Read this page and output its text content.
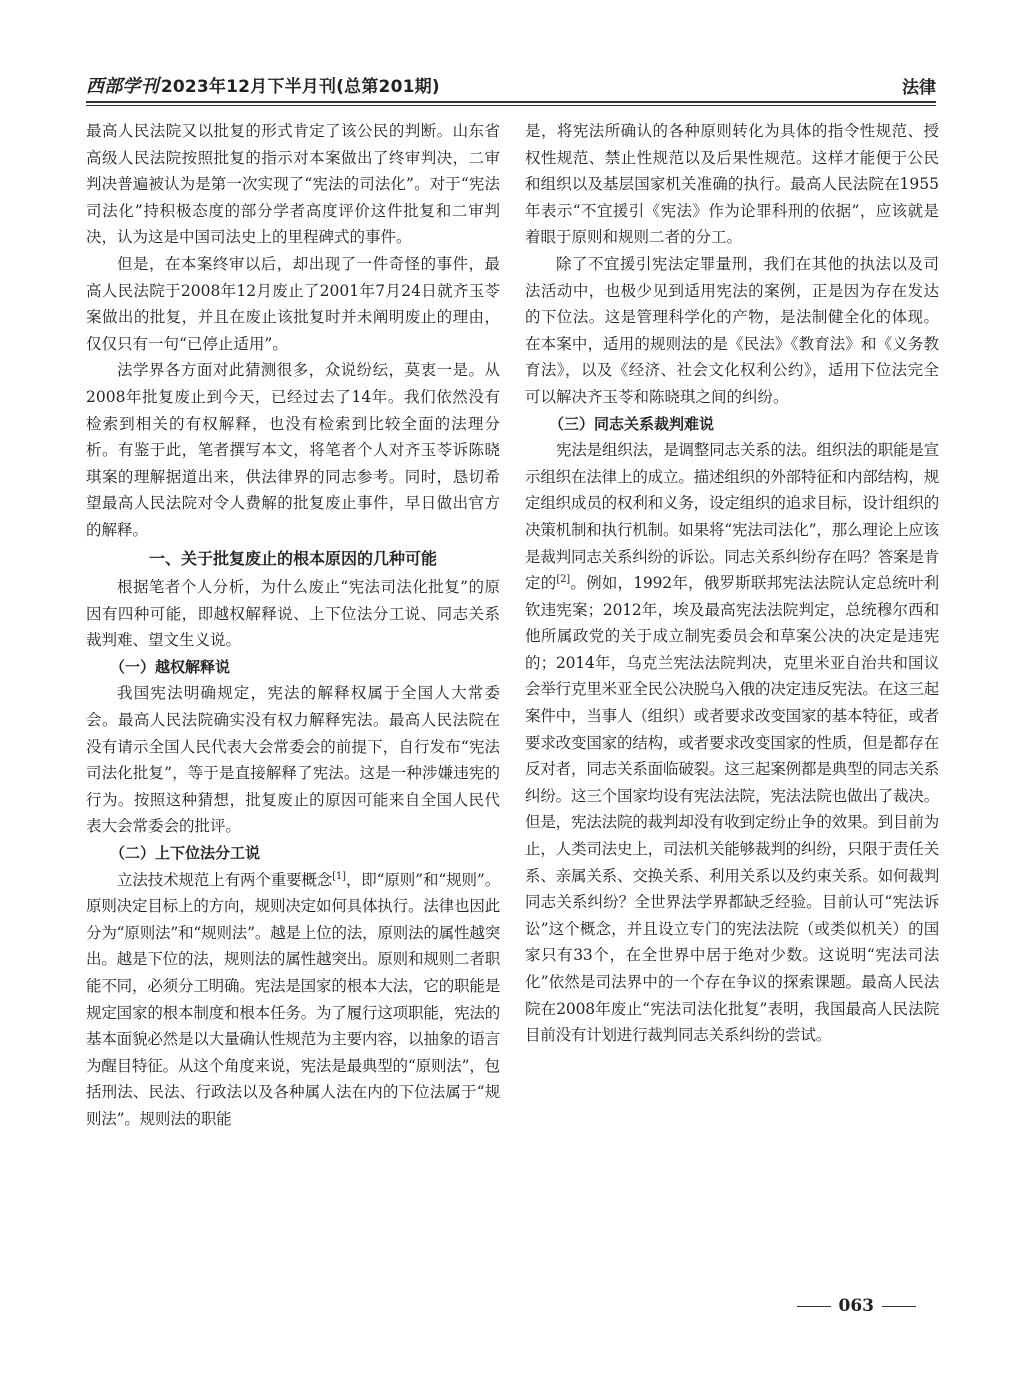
西部学刊 2023年12月下半月刊(总第201期)	法律

最高人民法院又以批复的形式肯定了该公民的判断。山东省高级人民法院按照批复的指示对本案做出了终审判决，二审判决普遍被认为是第一次实现了“宪法的司法化”。对于“宪法司法化”持积极态度的部分学者高度评价这件批复和二审判决，认为这是中国司法史上的里程碑式的事件。

但是，在本案终审以后，却出现了一件奇怪的事件，最高人民法院于2008年12月废止了2001年7月24日就齐玉苓案做出的批复，并且在废止该批复时并未阐明废止的理由，仅仅只有一句“已停止适用”。

法学界各方面对此猜测很多，众说纷纭，莫衷一是。从2008年批复废止到今天，已经过去了14年。我们依然没有检索到相关的有权解释，也没有检索到比较全面的法理分析。有鉴于此，笔者撰写本文，将笔者个人对齐玉苓诉陈晓琪案的理解据道出来，供法律界的同志参考。同时，恳切希望最高人民法院对令人费解的批复废止事件，早日做出官方的解释。

一、关于批复废止的根本原因的几种可能

根据笔者个人分析，为什么废止“宪法司法化批复”的原因有四种可能，即越权解释说、上下位法分工说、同志关系裁判难、望文生义说。

（一）越权解释说

我国宪法明确规定，宪法的解释权属于全国人大常委会。最高人民法院确实没有权力解释宪法。最高人民法院在没有请示全国人民代表大会常委会的前提下，自行发布“宪法司法化批复”，等于是直接解释了宪法。这是一种涉嫌违宪的行为。按照这种猜想，批复废止的原因可能来自全国人民代表大会常委会的批评。

（二）上下位法分工说

立法技术规范上有两个重要概念[1]，即“原则”和“规则”。原则决定目标上的方向，规则决定如何具体执行。法律也因此分为“原则法”和“规则法”。越是上位的法，原则法的属性越突出。越是下位的法，规则法的属性越突出。原则和规则二者职能不同，必须分工明确。宪法是国家的根本大法，它的职能是规定国家的根本制度和根本任务。为了履行这项职能，宪法的基本面貌必然是以大量确认性规范为主要内容，以抽象的语言为醒目特征。从这个角度来说，宪法是最典型的“原则法”，包括刑法、民法、行政法以及各种属人法在内的下位法属于“规则法”。规则法的职能

是，将宪法所确认的各种原则转化为具体的指令性规范、授权性规范、禁止性规范以及后果性规范。这样才能便于公民和组织以及基层国家机关准确的执行。最高人民法院在1955年表示“不宜援引《宪法》作为论罪科刑的依据”，应该就是着眼于原则和规则二者的分工。

除了不宜援引宪法定罪量刑，我们在其他的执法以及司法活动中，也极少见到适用宪法的案例，正是因为存在发达的下位法。这是管理科学化的产物，是法制健全化的体现。在本案中，适用的规则法的是《民法》《教育法》和《义务教育法》，以及《经济、社会文化权利公约》，适用下位法完全可以解决齐玉苓和陈晓琪之间的纠纷。

（三）同志关系裁判难说

宪法是组织法，是调整同志关系的法。组织法的职能是宣示组织在法律上的成立。描述组织的外部特征和内部结构，规定组织成员的权利和义务，设定组织的追求目标，设计组织的决策机制和执行机制。如果将“宪法司法化”，那么理论上应该是裁判同志关系纠纷的诉讼。同志关系纠纷存在吗？答案是肯定的[2]。例如，1992年，俄罗斯联邦宪法法院认定总统叶利钦违宪案；2012年，埃及最高宪法法院判定，总统穆尔西和他所属政党的关于成立制宪委员会和草案公决的决定是违宪的；2014年，乌克兰宪法法院判决，克里米亚自治共和国议会举行克里米亚全民公决脱乌入俄的决定违反宪法。在这三起案件中，当事人（组织）或者要求改变国家的基本特征，或者要求改变国家的结构，或者要求改变国家的性质，但是都存在反对者，同志关系面临破裂。这三起案例都是典型的同志关系纠纷。这三个国家均设有宪法法院，宪法法院也做出了裁决。但是，宪法法院的裁判却没有收到定纷止争的效果。到目前为止，人类司法史上，司法机关能够裁判的纠纷，只限于责任关系、亲属关系、交换关系、利用关系以及约束关系。如何裁判同志关系纠纷？全世界法学界都缺乏经验。目前认可“宪法诉讼”这个概念，并且设立专门的宪法法院（或类似机关）的国家只有33个，在全世界中居于绝对少数。这说明“宪法司法化”依然是司法界中的一个存在争议的探索课题。最高人民法院在2008年废止“宪法司法化批复”表明，我国最高人民法院目前没有计划进行裁判同志关系纠纷的尝试。

063
